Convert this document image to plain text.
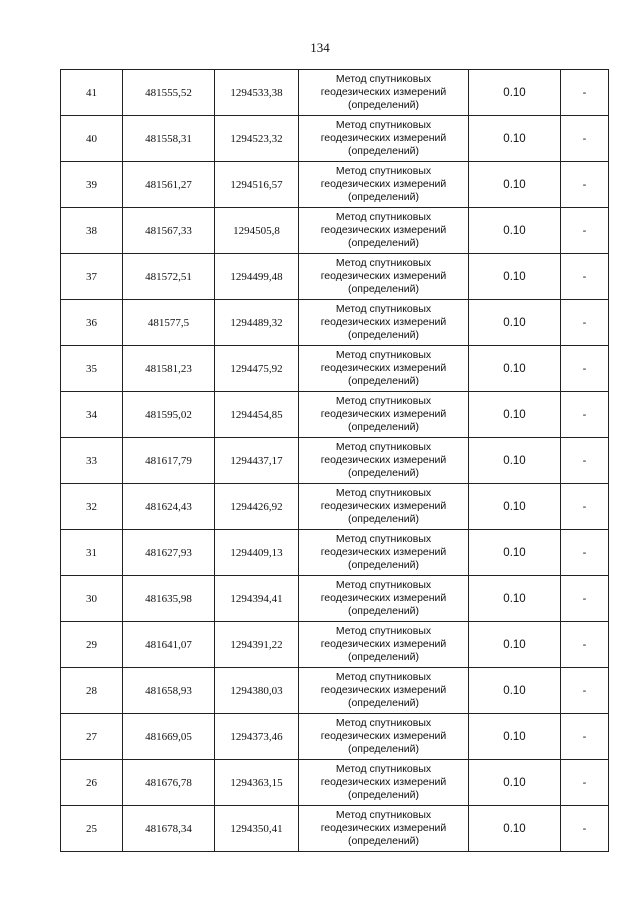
134
41	481555,52	1294533,38	Метод спутниковых
геодезических измерений
(определений)	0.10	-
40	481558,31	1294523,32	Метод спутниковых
геодезических измерений
(определений)	0.10	-
39	481561,27	1294516,57	Метод спутниковых
геодезических измерений
(определений)	0.10	-
38	481567,33	1294505,8	Метод спутниковых
геодезических измерений
(определений)	0.10	-
37	481572,51	1294499,48	Метод спутниковых
геодезических измерений
(определений)	0.10	-
36	481577,5	1294489,32	Метод спутниковых
геодезических измерений
(определений)	0.10	-
35	481581,23	1294475,92	Метод спутниковых
геодезических измерений
(определений)	0.10	-
34	481595,02	1294454,85	Метод спутниковых
геодезических измерений
(определений)	0.10	-
33	481617,79	1294437,17	Метод спутниковых
геодезических измерений
(определений)	0.10	-
32	481624,43	1294426,92	Метод спутниковых
геодезических измерений
(определений)	0.10	-
31	481627,93	1294409,13	Метод спутниковых
геодезических измерений
(определений)	0.10	-
30	481635,98	1294394,41	Метод спутниковых
геодезических измерений
(определений)	0.10	-
29	481641,07	1294391,22	Метод спутниковых
геодезических измерений
(определений)	0.10	-
28	481658,93	1294380,03	Метод спутниковых
геодезических измерений
(определений)	0.10	-
27	481669,05	1294373,46	Метод спутниковых
геодезических измерений
(определений)	0.10	-
26	481676,78	1294363,15	Метод спутниковых
геодезических измерений
(определений)	0.10	-
25	481678,34	1294350,41	Метод спутниковых
геодезических измерений
(определений)	0.10	-
